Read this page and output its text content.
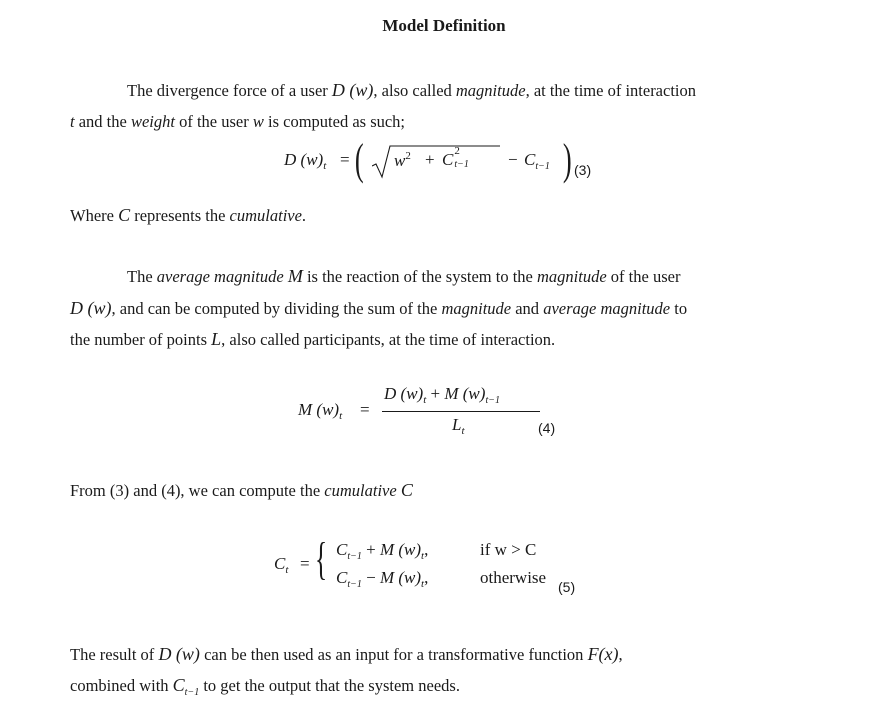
Model Definition
The divergence force of a user D (w), also called magnitude, at the time of interaction
t and the weight of the user w is computed as such;
D $(w)_t$ = ( $w^2 + C$ 2
$t-1 - C_{t-1}$ ) (3)
Where C represents the cumulative.
The average magnitude M is the reaction of the system to the magnitude of the user
D (w), and can be computed by dividing the sum of the magnitude and average magnitude to
the number of points L, also called participants, at the time of interaction.
M $(w)_t$ =
D $(w)_t + M$ $(w)_{t-1}$
$L_t$	(4)
From (3) and (4), we can compute the cumulative C
$C_t$ = { $C_{t-1} + M$ $(w)_t$,	if w > C
$C_{t-1} - M$ $(w)_t$,	otherwise (5)
The result of D (w) can be then used as an input for a transformative function F(x),
combined with $C_{t-1}$ to get the output that the system needs.
